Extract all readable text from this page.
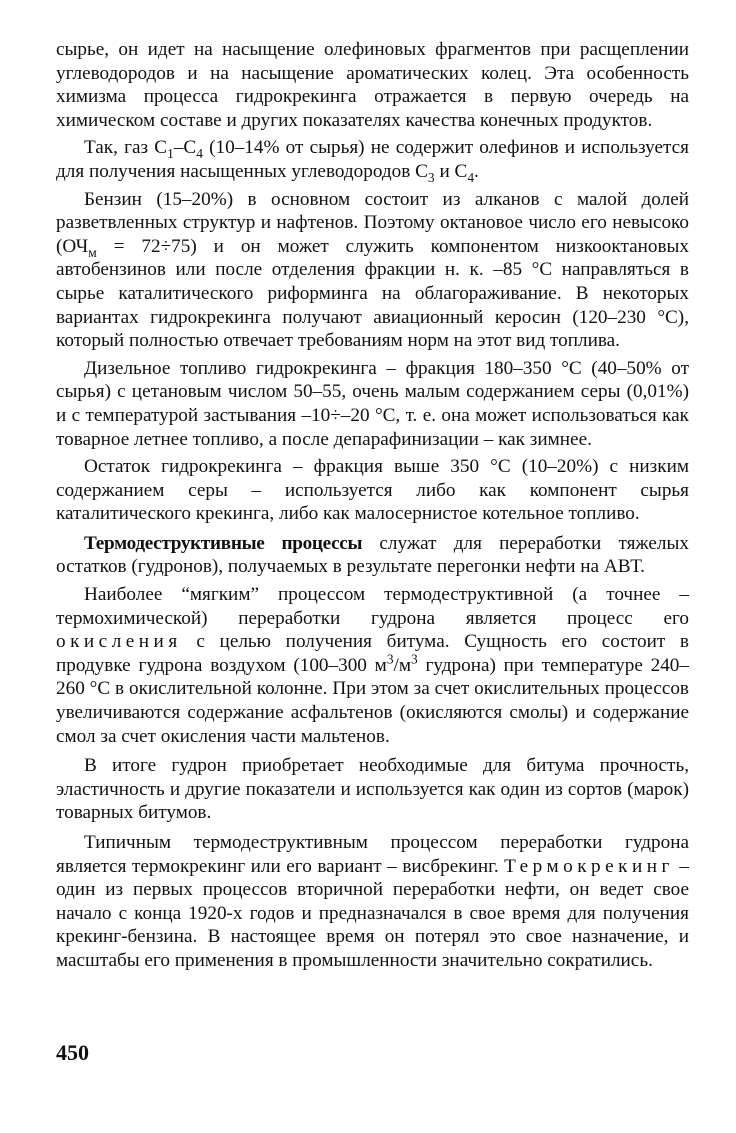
сырье, он идет на насыщение олефиновых фрагментов при расщеплении углеводородов и на насыщение ароматических колец. Эта особенность химизма процесса гидрокрекинга отражается в первую очередь на химическом составе и других показателях качества конечных продуктов.

Так, газ $C_1-C_4$ (10–14% от сырья) не содержит олефинов и используется для получения насыщенных углеводородов $C_3$ и $C_4$.

Бензин (15–20%) в основном состоит из алканов с малой долей разветвленных структур и нафтенов. Поэтому октановое число его невысоко $(ОЧ_м = 72\div 75)$ и он может служить компонентом низкооктановых автобензинов или после отделения фракции н. к. –85 °С направляться в сырье каталитического риформинга на облагораживание. В некоторых вариантах гидрокрекинга получают авиационный керосин (120–230 °С), который полностью отвечает требованиям норм на этот вид топлива.

Дизельное топливо гидрокрекинга – фракция 180–350 °С (40–50% от сырья) с цетановым числом 50–55, очень малым содержанием серы (0,01%) и с температурой застывания –10÷–20 °С, т. е. она может использоваться как товарное летнее топливо, а после депарафинизации – как зимнее.

Остаток гидрокрекинга – фракция выше 350 °С (10–20%) с низким содержанием серы – используется либо как компонент сырья каталитического крекинга, либо как малосернистое котельное топливо.

Термодеструктивные процессы служат для переработки тяжелых остатков (гудронов), получаемых в результате перегонки нефти на АВТ.

Наиболее “мягким” процессом термодеструктивной (а точнее – термохимической) переработки гудрона является процесс его окисления с целью получения битума. Сущность его состоит в продувке гудрона воздухом (100–300 $м^3/м^3$ гудрона) при температуре 240–260 °С в окислительной колонне. При этом за счет окислительных процессов увеличиваются содержание асфальтенов (окисляются смолы) и содержание смол за счет окисления части мальтенов.

В итоге гудрон приобретает необходимые для битума прочность, эластичность и другие показатели и используется как один из сортов (марок) товарных битумов.

Типичным термодеструктивным процессом переработки гудрона является термокрекинг или его вариант – висбрекинг. Термокрекинг – один из первых процессов вторичной переработки нефти, он ведет свое начало с конца 1920-х годов и предназначался в свое время для получения крекинг-бензина. В настоящее время он потерял это свое назначение, и масштабы его применения в промышленности значительно сократились.

450
